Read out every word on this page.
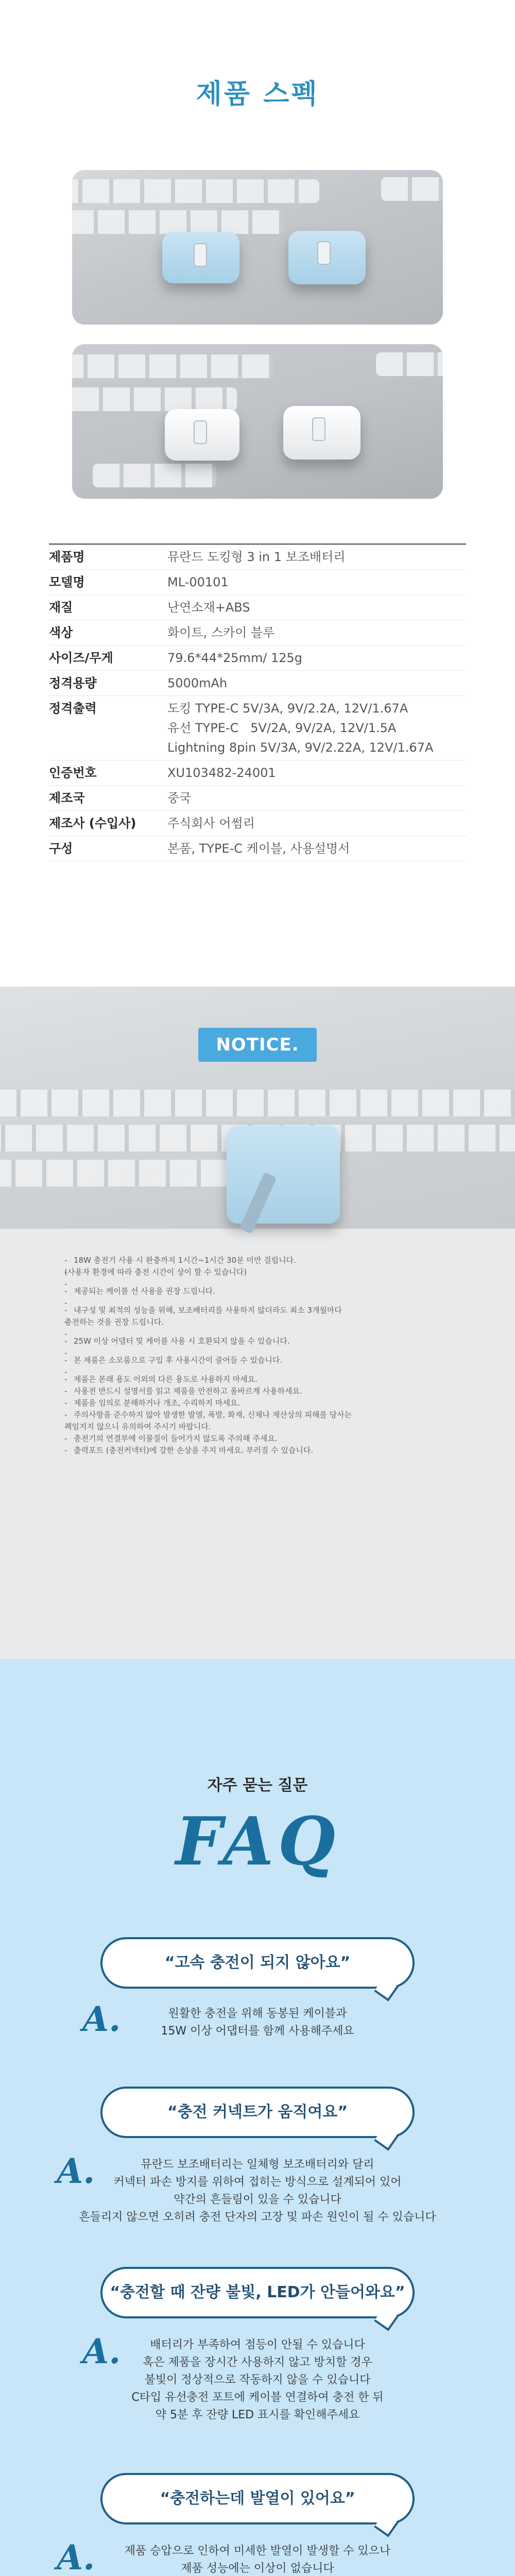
제품 스펙
제품명	뮤란드 도킹형 3 in 1 보조배터리
모델명	ML-00101
재질	난연소재+ABS
색상	화이트, 스카이 블루
사이즈/무게	79.6*44*25mm/ 125g
정격용량	5000mAh
정격출력	도킹 TYPE-C 5V/3A, 9V/2.2A, 12V/1.67A
유선 TYPE-C   5V/2A, 9V/2A, 12V/1.5A
Lightning 8pin 5V/3A, 9V/2.22A, 12V/1.67A
인증번호	XU103482-24001
제조국	중국
제조사 (수입사)	주식회사 어썸리
구성	본품, TYPE-C 케이블, 사용설명서
NOTICE.
- 18W 충전기 사용 시 완충까지 1시간~1시간 30분 미만 걸립니다.
- (사용자 환경에 따라 충전 시간이 상이 할 수 있습니다)
-
- 제공되는 케이블 선 사용을 권장 드립니다.
-
- 내구성 및 최적의 성능을 위해, 보조배터리를 사용하지 않더라도 최소 3개월마다
- 충전하는 것을 권장 드립니다.
-
- 25W 이상 어댑터 및 케이블 사용 시 호환되지 않을 수 있습니다.
-
- 본 제품은 소모품으로 구입 후 사용시간이 줄어들 수 있습니다.
-
- 제품은 본래 용도 이외의 다른 용도로 사용하지 마세요.
- 사용전 반드시 설명서를 읽고 제품을 안전하고 올바르게 사용하세요.
- 제품을 임의로 분해하거나 개조, 수리하지 마세요.
- 주의사항을 준수하지 않아 발생한 발열, 폭발, 화재, 신체나 재산상의 피해를 당사는
- 책임지지 않으니 유의하여 주시기 바랍니다.
- 충전기의 연결부에 이물질이 들어가지 않도록 주의해 주세요.
- 출력포트 (충전커넥터)에 강한 손상을 주지 마세요. 부러질 수 있습니다.
자주 묻는 질문
FAQ
“고속 충전이 되지 않아요”
A.	원활한 충전을 위해 동봉된 케이블과
15W 이상 어댑터를 함께 사용해주세요
“충전 커넥트가 움직여요”
A.	뮤란드 보조배터리는 일체형 보조배터리와 달리
커넥터 파손 방지를 위하여 접히는 방식으로 설계되어 있어
약간의 흔들림이 있을 수 있습니다
흔들리지 않으면 오히려 충전 단자의 고장 및 파손 원인이 될 수 있습니다
“충전할 때 잔량 불빛, LED가 안들어와요”
A.	배터리가 부족하여 점등이 안될 수 있습니다
혹은 제품을 장시간 사용하지 않고 방치할 경우
불빛이 정상적으로 작동하지 않을 수 있습니다
C타입 유선충전 포트에 케이블 연결하여 충전 한 뒤
약 5분 후 잔량 LED 표시를 확인해주세요
“충전하는데 발열이 있어요”
A.	제품 승압으로 인하여 미세한 발열이 발생할 수 있으나
제품 성능에는 이상이 없습니다
